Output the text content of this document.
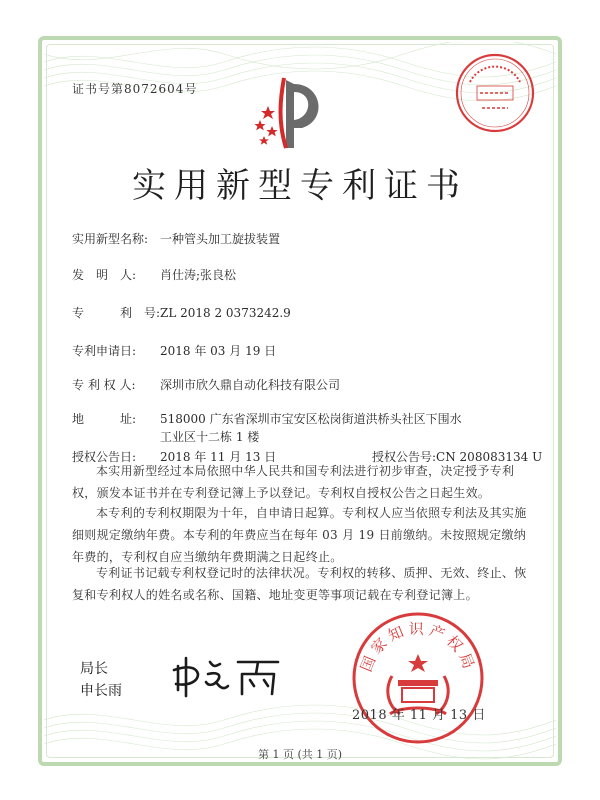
证书号第8072604号
实用新型专利证书
实用新型名称: 一种管头加工旋拔装置
发　明　人: 肖仕涛;张良松
专　　　利　号:ZL 2018 2 0373242.9
专利申请日: 2018 年 03 月 19 日
专 利 权 人: 深圳市欣久鼎自动化科技有限公司
地　　　址: 518000 广东省深圳市宝安区松岗街道洪桥头社区下围水
工业区十二栋 1 楼
授权公告日: 2018 年 11 月 13 日	授权公告号:CN 208083134 U

本实用新型经过本局依照中华人民共和国专利法进行初步审查，决定授予专利权，颁发本证书并在专利登记簿上予以登记。专利权自授权公告之日起生效。

本专利的专利权期限为十年，自申请日起算。专利权人应当依照专利法及其实施细则规定缴纳年费。本专利的年费应当在每年 03 月 19 日前缴纳。未按照规定缴纳年费的，专利权自应当缴纳年费期满之日起终止。

专利证书记载专利权登记时的法律状况。专利权的转移、质押、无效、终止、恢复和专利权人的姓名或名称、国籍、地址变更等事项记载在专利登记簿上。

局长
申长雨
国家知识产权局
2018 年 11 月 13 日
第 1 页 (共 1 页)
